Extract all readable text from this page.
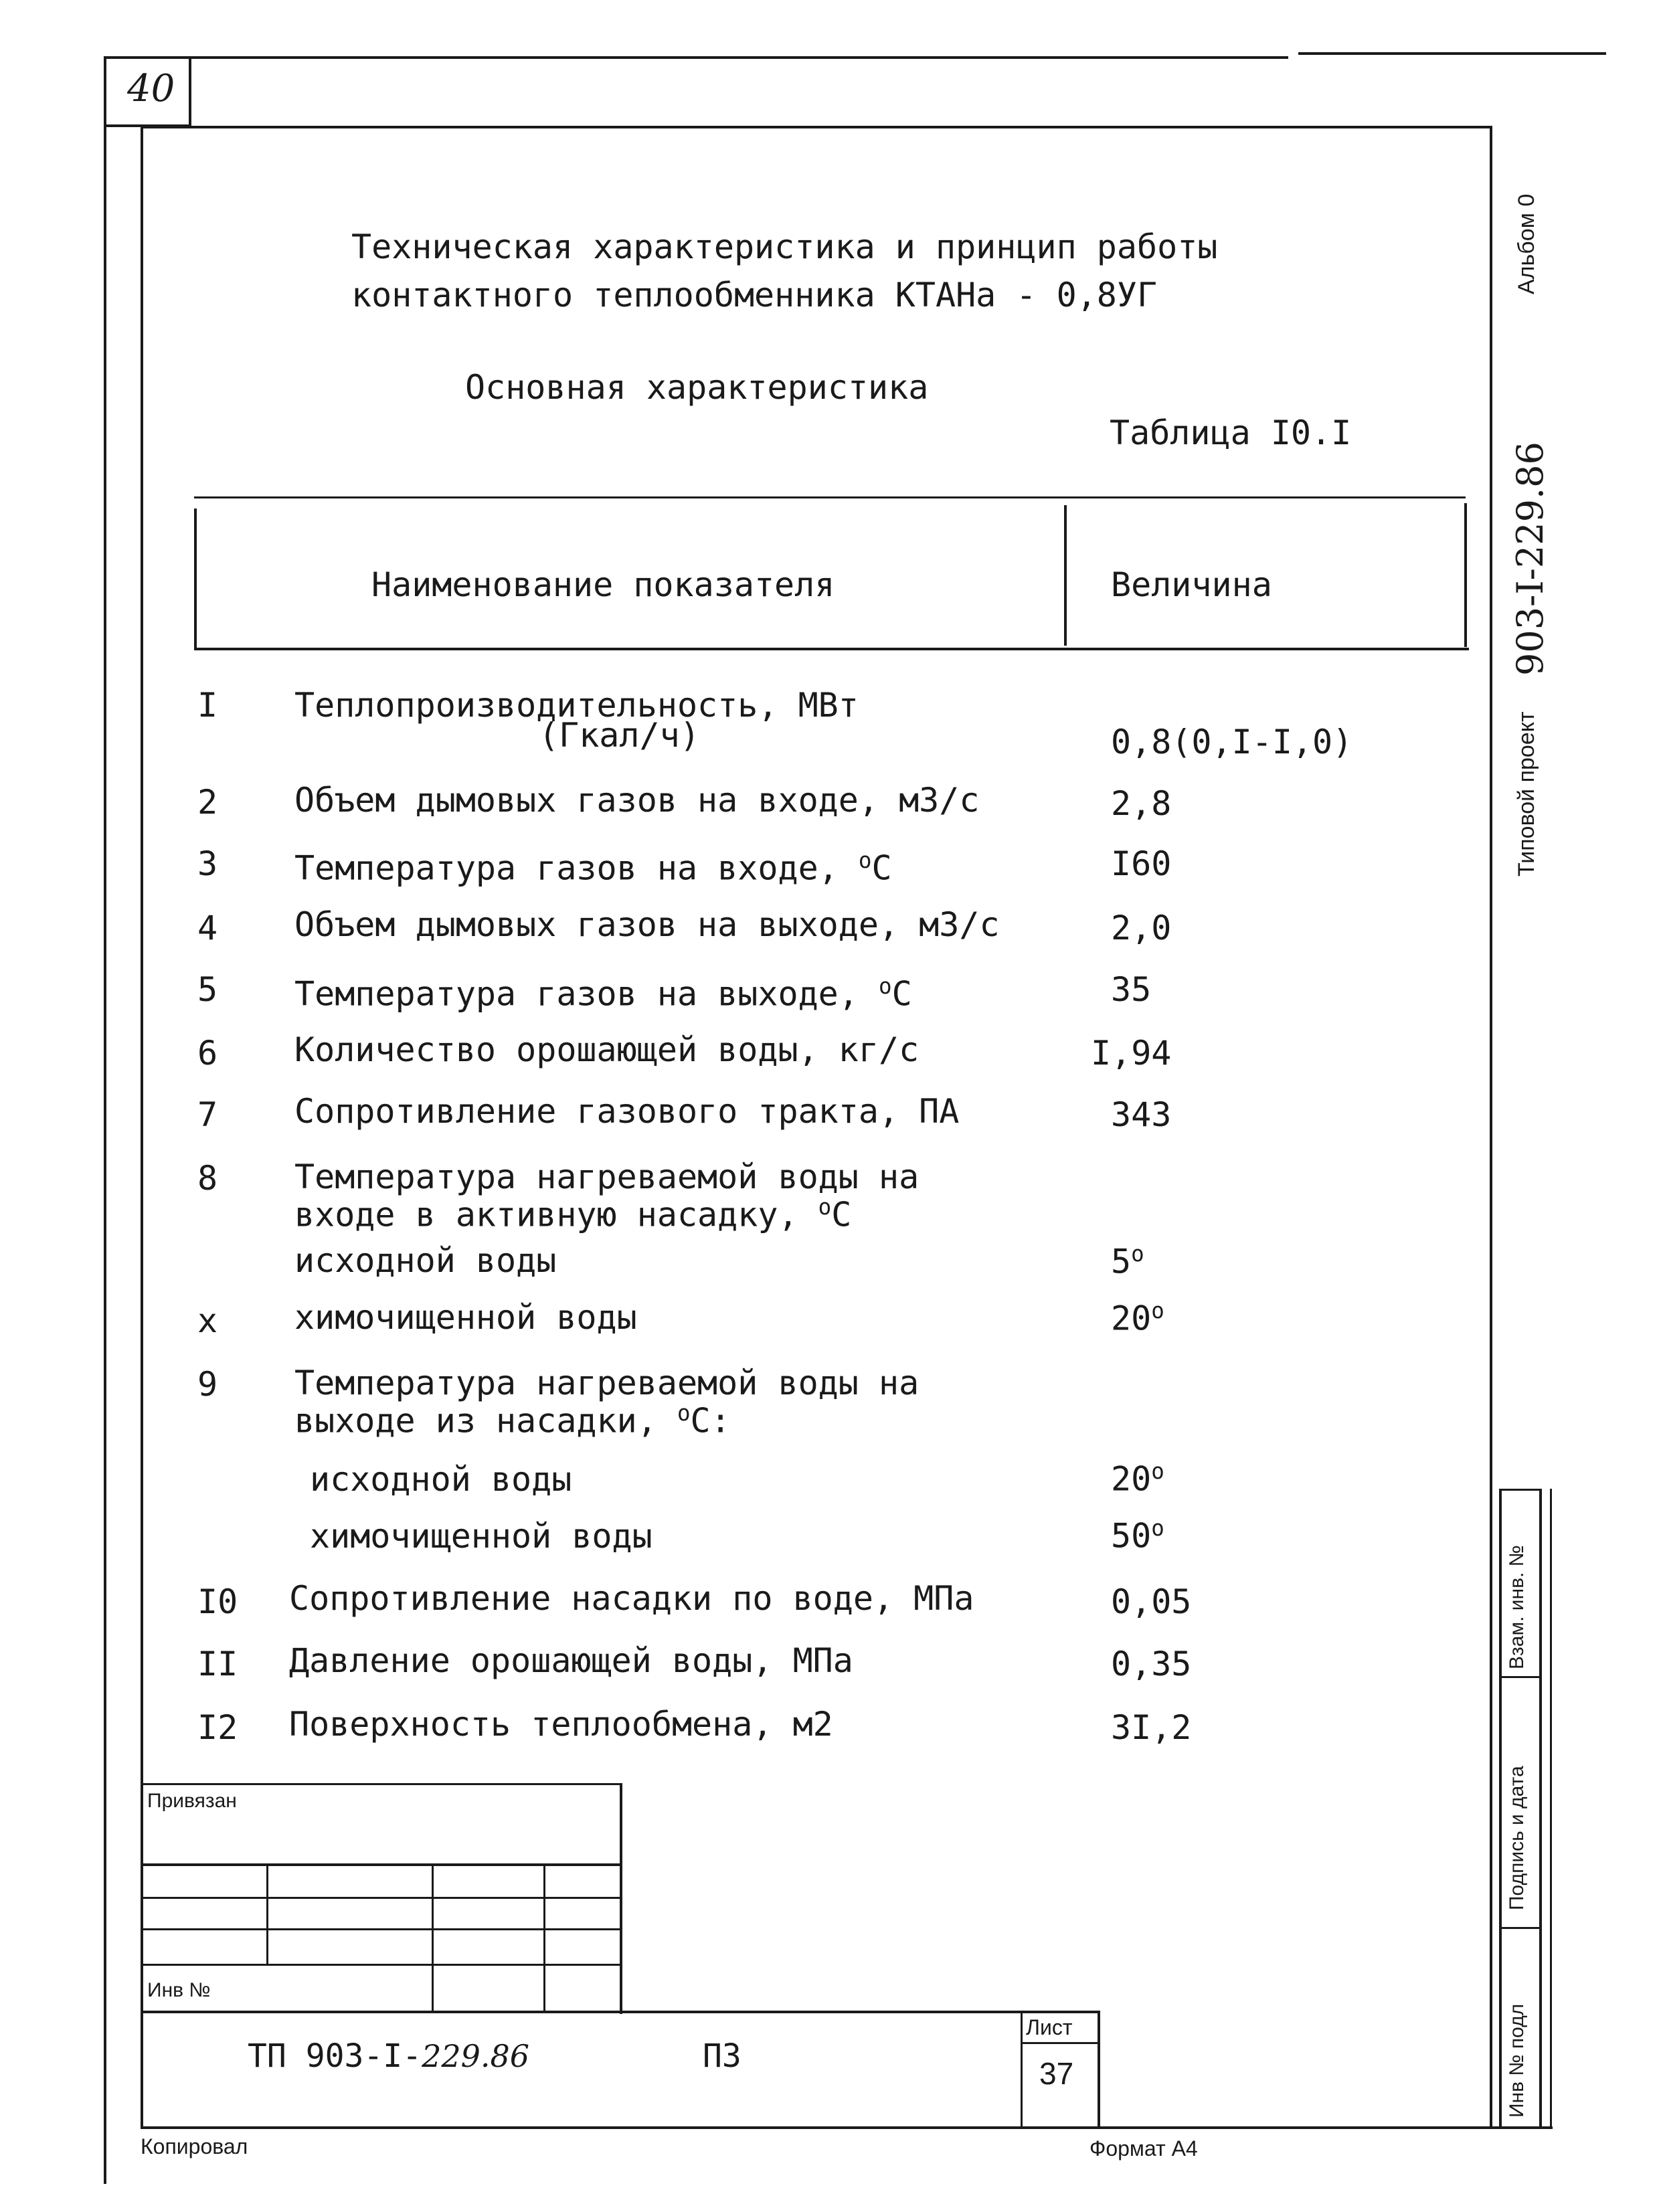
40
Техническая характеристика и принцип работы
контактного теплообменника КТАНа - 0,8УГ
Основная характеристика
Таблица I0.I
Наименование показателя	Величина
I Теплопроизводительность, МВт
(Гкал/ч)	0,8(0,I-I,0)
2 Объем дымовых газов на входе, м3/с	2,8
3 Температура газов на входе, $^о$С	I60
4 Объем дымовых газов на выходе, м3/с	2,0
5 Температура газов на выходе, $^о$С	35
6 Количество орошающей воды, кг/с	I,94
7 Сопротивление газового тракта, ПА	343
8 Температура нагреваемой воды на
входе в активную насадку, $^о$С
исходной воды	$5^о$
x химочищенной воды	$20^о$
9 Температура нагреваемой воды на
выходе из насадки, $^о$С:
исходной воды	$20^о$
химочищенной воды	$50^о$
I0 Сопротивление насадки по воде, МПа	0,05
II Давление орошающей воды, МПа	0,35
I2 Поверхность теплообмена, м2	3I,2
Альбом 0
Типовой проект
903-I-229.86
Взам. инв. №
Подпись и дата
Инв № подл
Привязан
Инв №
ТП 903-I-229.86	ПЗ
Лист
37
Копировал	Формат А4
